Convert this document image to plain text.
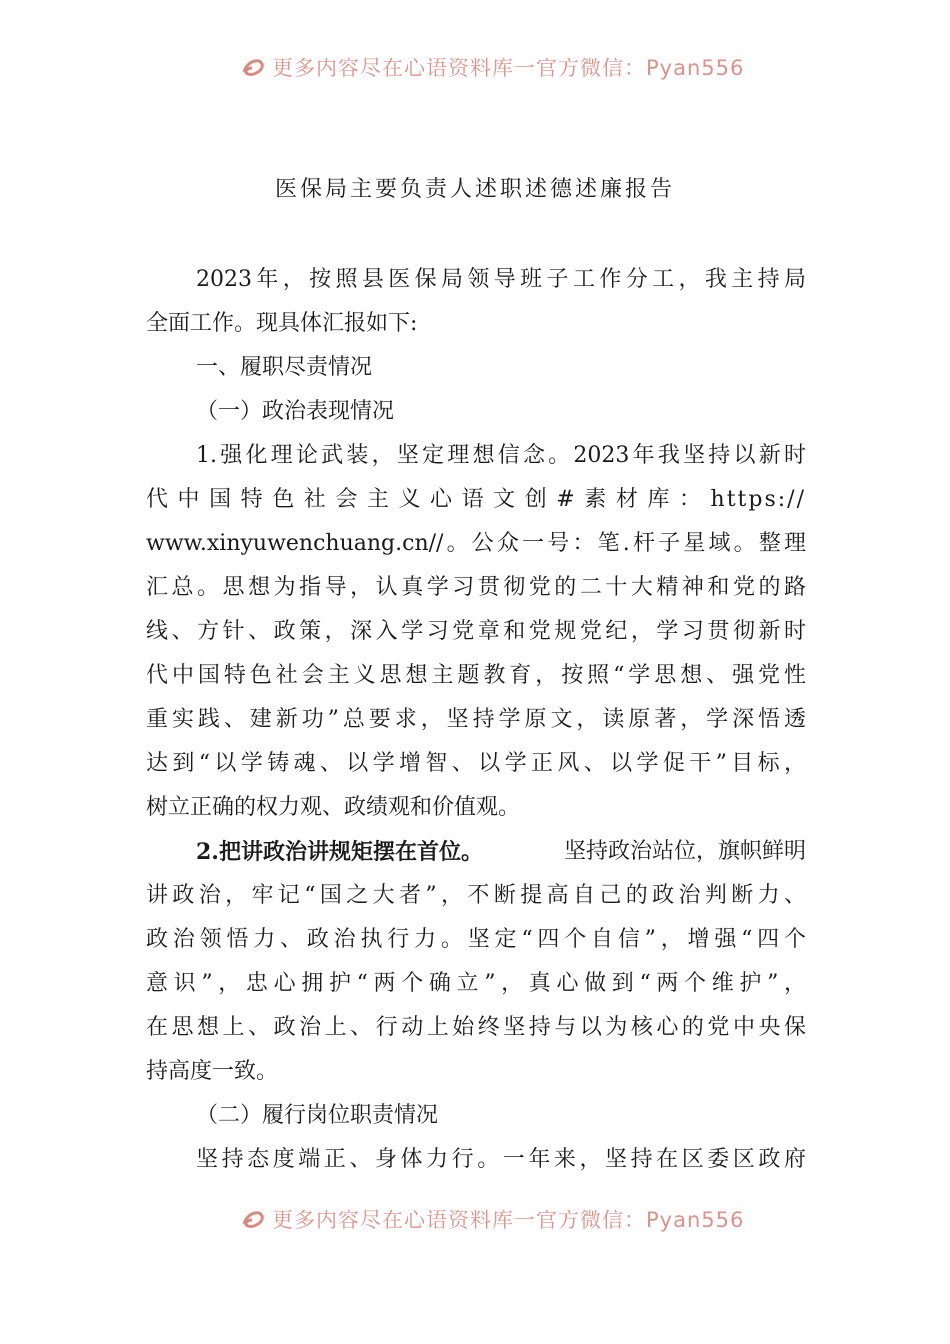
更多内容尽在心语资料库一官方微信：Pyan556
医保局主要负责人述职述德述廉报告
2023年，按照县医保局领导班子工作分工，我主持局
全面工作。现具体汇报如下:
一、履职尽责情况
（一）政治表现情况
1.强化理论武装，坚定理想信念。2023年我坚持以新时
代中国特色社会主义心语文创#素材库：https://
www.xinyuwenchuang.cn//。公众一号：笔.杆子星域。整理
汇总。思想为指导，认真学习贯彻党的二十大精神和党的路
线、方针、政策，深入学习党章和党规党纪，学习贯彻新时
代中国特色社会主义思想主题教育，按照“学思想、强党性
重实践、建新功”总要求，坚持学原文，读原著，学深悟透
达到“以学铸魂、以学增智、以学正风、以学促干”目标，
树立正确的权力观、政绩观和价值观。
2.把讲政治讲规矩摆在首位。	坚持政治站位，旗帜鲜明
讲政治，牢记“国之大者”，不断提高自己的政治判断力、
政治领悟力、政治执行力。坚定“四个自信”，增强“四个
意识”，忠心拥护“两个确立”，真心做到“两个维护”，
在思想上、政治上、行动上始终坚持与以为核心的党中央保
持高度一致。
（二）履行岗位职责情况
坚持态度端正、身体力行。一年来，坚持在区委区政府
更多内容尽在心语资料库一官方微信：Pyan556
